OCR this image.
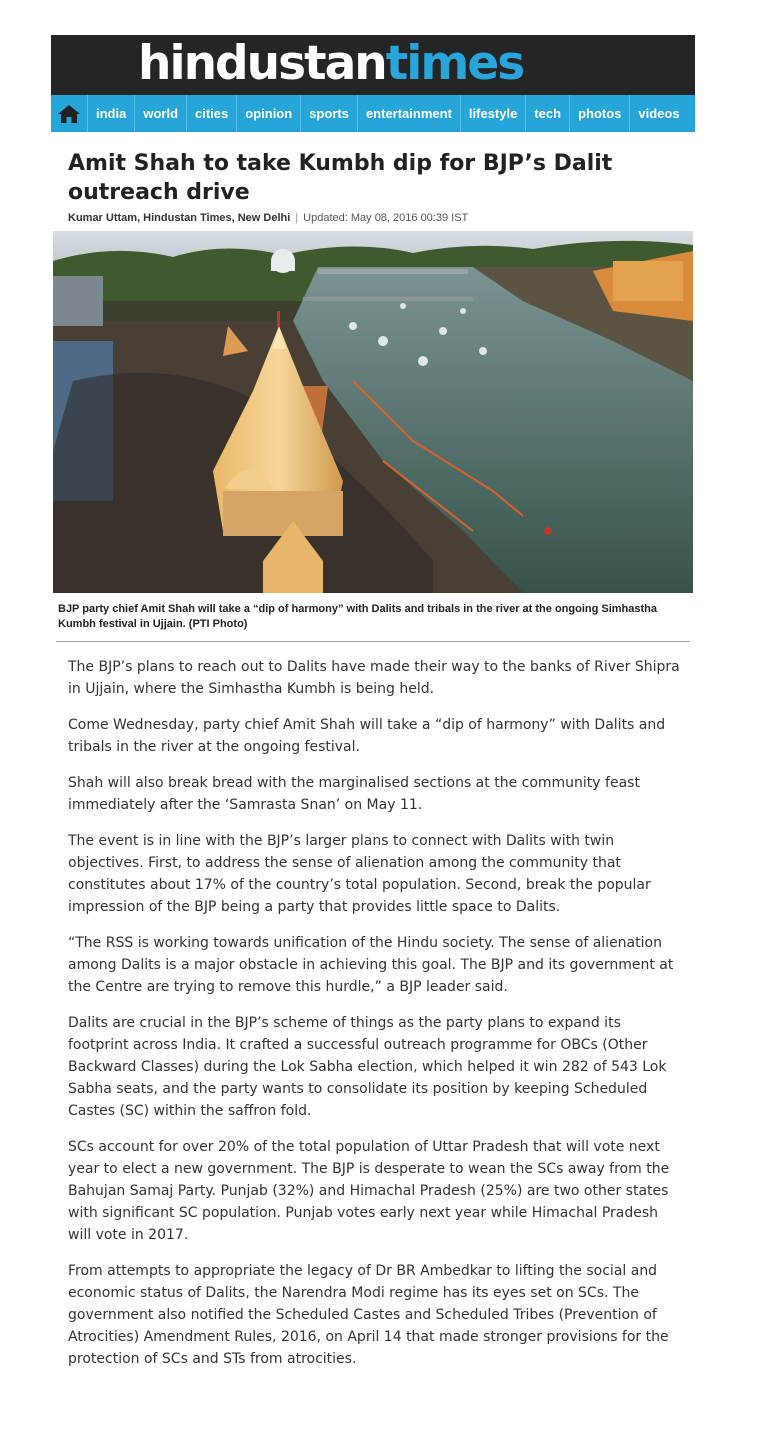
hindustantimes
india	world	cities	opinion	sports	entertainment	lifestyle	tech	photos	videos
Amit Shah to take Kumbh dip for BJP’s Dalit outreach drive
Kumar Uttam, Hindustan Times, New Delhi | Updated: May 08, 2016 00:39 IST
BJP party chief Amit Shah will take a “dip of harmony” with Dalits and tribals in the river at the ongoing Simhastha Kumbh festival in Ujjain. (PTI Photo)

The BJP’s plans to reach out to Dalits have made their way to the banks of River Shipra in Ujjain, where the Simhastha Kumbh is being held.

Come Wednesday, party chief Amit Shah will take a “dip of harmony” with Dalits and tribals in the river at the ongoing festival.

Shah will also break bread with the marginalised sections at the community feast immediately after the ‘Samrasta Snan’ on May 11.

The event is in line with the BJP’s larger plans to connect with Dalits with twin objectives. First, to address the sense of alienation among the community that constitutes about 17% of the country’s total population. Second, break the popular impression of the BJP being a party that provides little space to Dalits.

“The RSS is working towards unification of the Hindu society. The sense of alienation among Dalits is a major obstacle in achieving this goal. The BJP and its government at the Centre are trying to remove this hurdle,” a BJP leader said.

Dalits are crucial in the BJP’s scheme of things as the party plans to expand its footprint across India. It crafted a successful outreach programme for OBCs (Other Backward Classes) during the Lok Sabha election, which helped it win 282 of 543 Lok Sabha seats, and the party wants to consolidate its position by keeping Scheduled Castes (SC) within the saffron fold.

SCs account for over 20% of the total population of Uttar Pradesh that will vote next year to elect a new government. The BJP is desperate to wean the SCs away from the Bahujan Samaj Party. Punjab (32%) and Himachal Pradesh (25%) are two other states with significant SC population. Punjab votes early next year while Himachal Pradesh will vote in 2017.

From attempts to appropriate the legacy of Dr BR Ambedkar to lifting the social and economic status of Dalits, the Narendra Modi regime has its eyes set on SCs. The government also notified the Scheduled Castes and Scheduled Tribes (Prevention of Atrocities) Amendment Rules, 2016, on April 14 that made stronger provisions for the protection of SCs and STs from atrocities.
